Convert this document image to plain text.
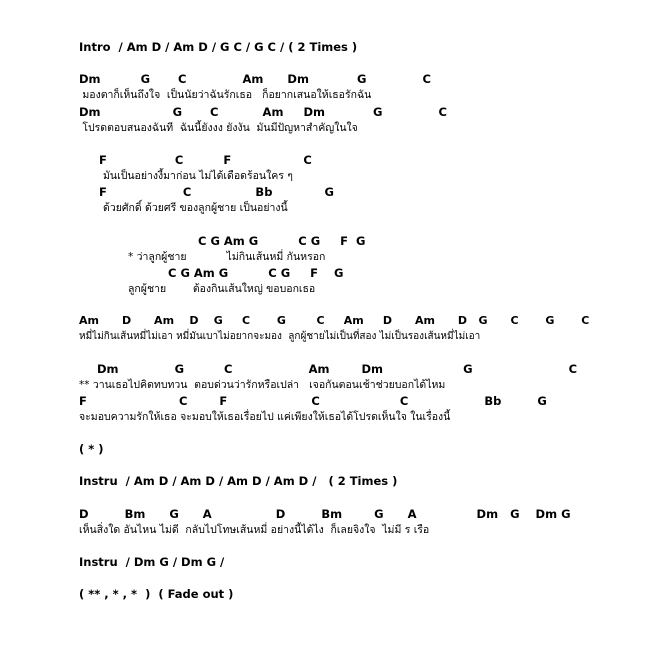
Intro  / Am D / Am D / G C / G C / ( 2 Times )
Dm          G       C              Am      Dm            G              C
มองตาก็เห็นถึงใจ  เป็นนัยว่าฉันรักเธอ   ก็อยากเสนอให้เธอรักฉัน
Dm                  G       C           Am     Dm            G              C
โปรดตอบสนองฉันที  ฉันนี้ยังงง ยังงัน  มันมีปัญหาสำคัญในใจ
F                 C          F                  C
มันเป็นอย่างงี้มาก่อน ไม่ได้เดือดร้อนใคร ๆ
F                   C                Bb             G
ด้วยศักดิ์ ด้วยศรี ของลูกผู้ชาย เป็นอย่างนี้
C G Am G          C G     F  G
* ว่าลูกผู้ชาย            ไม่กินเส้นหมี่ กันหรอก
C G Am G          C G     F    G
ลูกผู้ชาย        ต้องกินเส้นใหญ่ ขอบอกเธอ
Am      D      Am    D    G     C       G        C     Am     D      Am      D   G      C       G       C
หมี่ไม่กินเส้นหมี่ไม่เอา หมี่มันเบาไม่อยากจะมอง  ลูกผู้ชายไม่เป็นที่สอง ไม่เป็นรองเส้นหมี่ไม่เอา
Dm              G          C                   Am        Dm                    G                        C
** วานเธอไปคิดทบทวน  ตอบด่วนว่ารักหรือเปล่า   เจอกันตอนเช้าช่วยบอกได้ไหม
F                       C        F                     C                    C                   Bb         G
จะมอบความรักให้เธอ จะมอบให้เธอเรื่อยไป แค่เพียงให้เธอได้โปรดเห็นใจ ในเรื่องนี้
( * )
Instru  / Am D / Am D / Am D / Am D /   ( 2 Times )
D         Bm      G      A                D         Bm        G      A               Dm   G    Dm G
เห็นสิ่งใด อันไหน ไม่ดี  กลับไปโทษเส้นหมี่ อย่างนี้ได้ไง  ก็เลยจิงใจ  ไม่มี ร เรือ
Instru  / Dm G / Dm G /
( ** , * , *  )  ( Fade out )
